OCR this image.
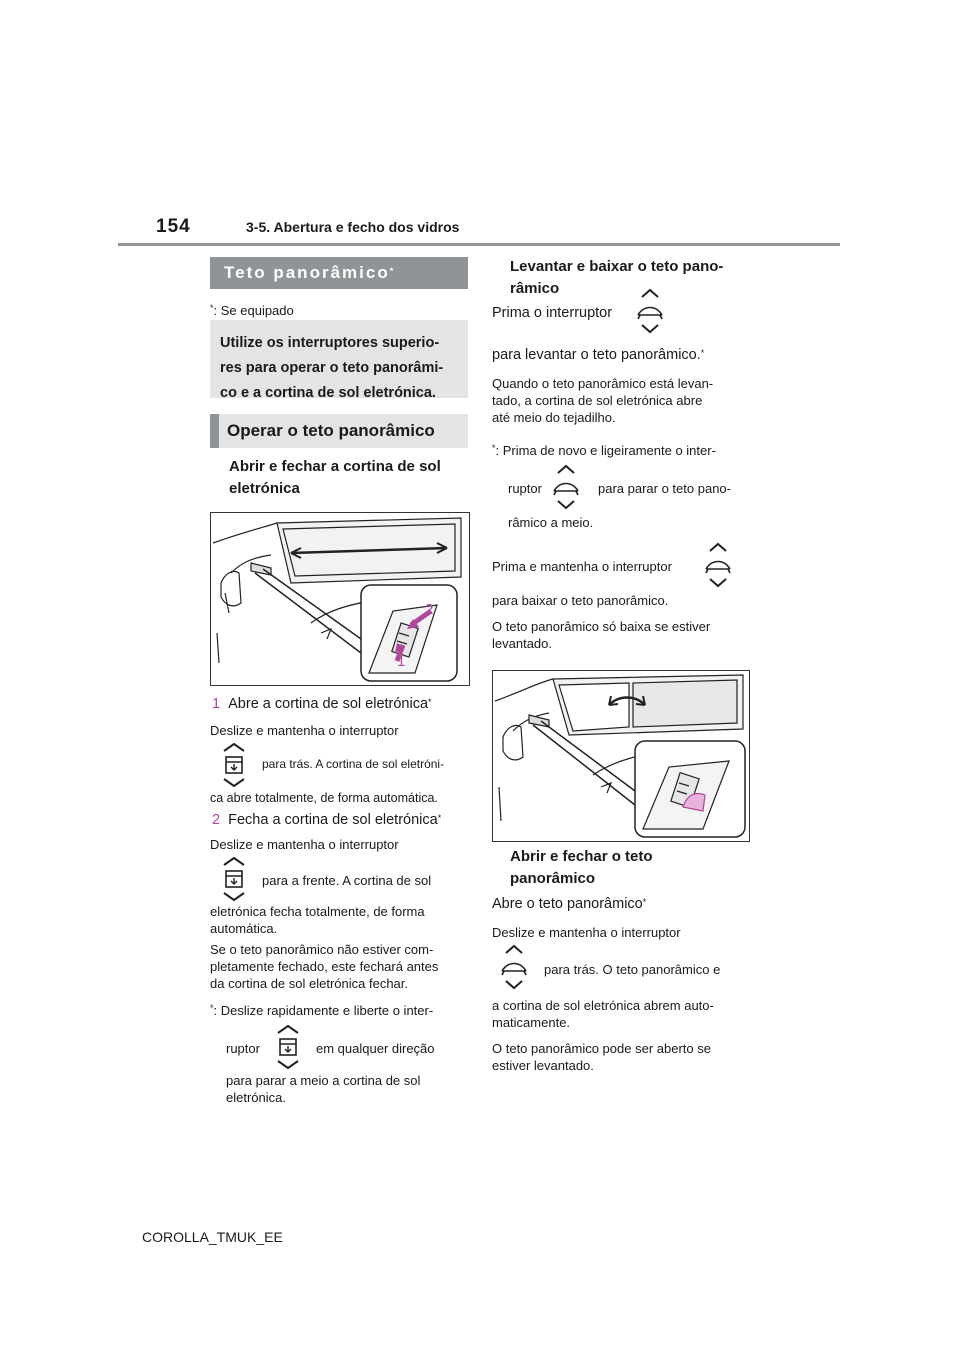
154	3-5. Abertura e fecho dos vidros
Teto panorâmico*
*: Se equipado
Utilize os interruptores superio-
res para operar o teto panorâmi-
co e a cortina de sol eletrónica.
Operar o teto panorâmico
Abrir e fechar a cortina de sol
eletrónica
2
1
1 Abre a cortina de sol eletrónica*
Deslize e mantenha o interruptor
para trás. A cortina de sol eletróni-
ca abre totalmente, de forma automática.
2 Fecha a cortina de sol eletrónica*
Deslize e mantenha o interruptor
para a frente. A cortina de sol
eletrónica fecha totalmente, de forma
automática.
Se o teto panorâmico não estiver com-
pletamente fechado, este fechará antes
da cortina de sol eletrónica fechar.
*: Deslize rapidamente e liberte o inter-
ruptor	em qualquer direção
para parar a meio a cortina de sol
eletrónica.
Levantar e baixar o teto pano-
râmico
Prima o interruptor
para levantar o teto panorâmico.*
Quando o teto panorâmico está levan-
tado, a cortina de sol eletrónica abre
até meio do tejadilho.
*: Prima de novo e ligeiramente o inter-
ruptor	para parar o teto pano-
râmico a meio.
Prima e mantenha o interruptor
para baixar o teto panorâmico.
O teto panorâmico só baixa se estiver
levantado.
Abrir e fechar o teto
panorâmico
Abre o teto panorâmico*
Deslize e mantenha o interruptor
para trás. O teto panorâmico e
a cortina de sol eletrónica abrem auto-
maticamente.
O teto panorâmico pode ser aberto se
estiver levantado.
COROLLA_TMUK_EE
